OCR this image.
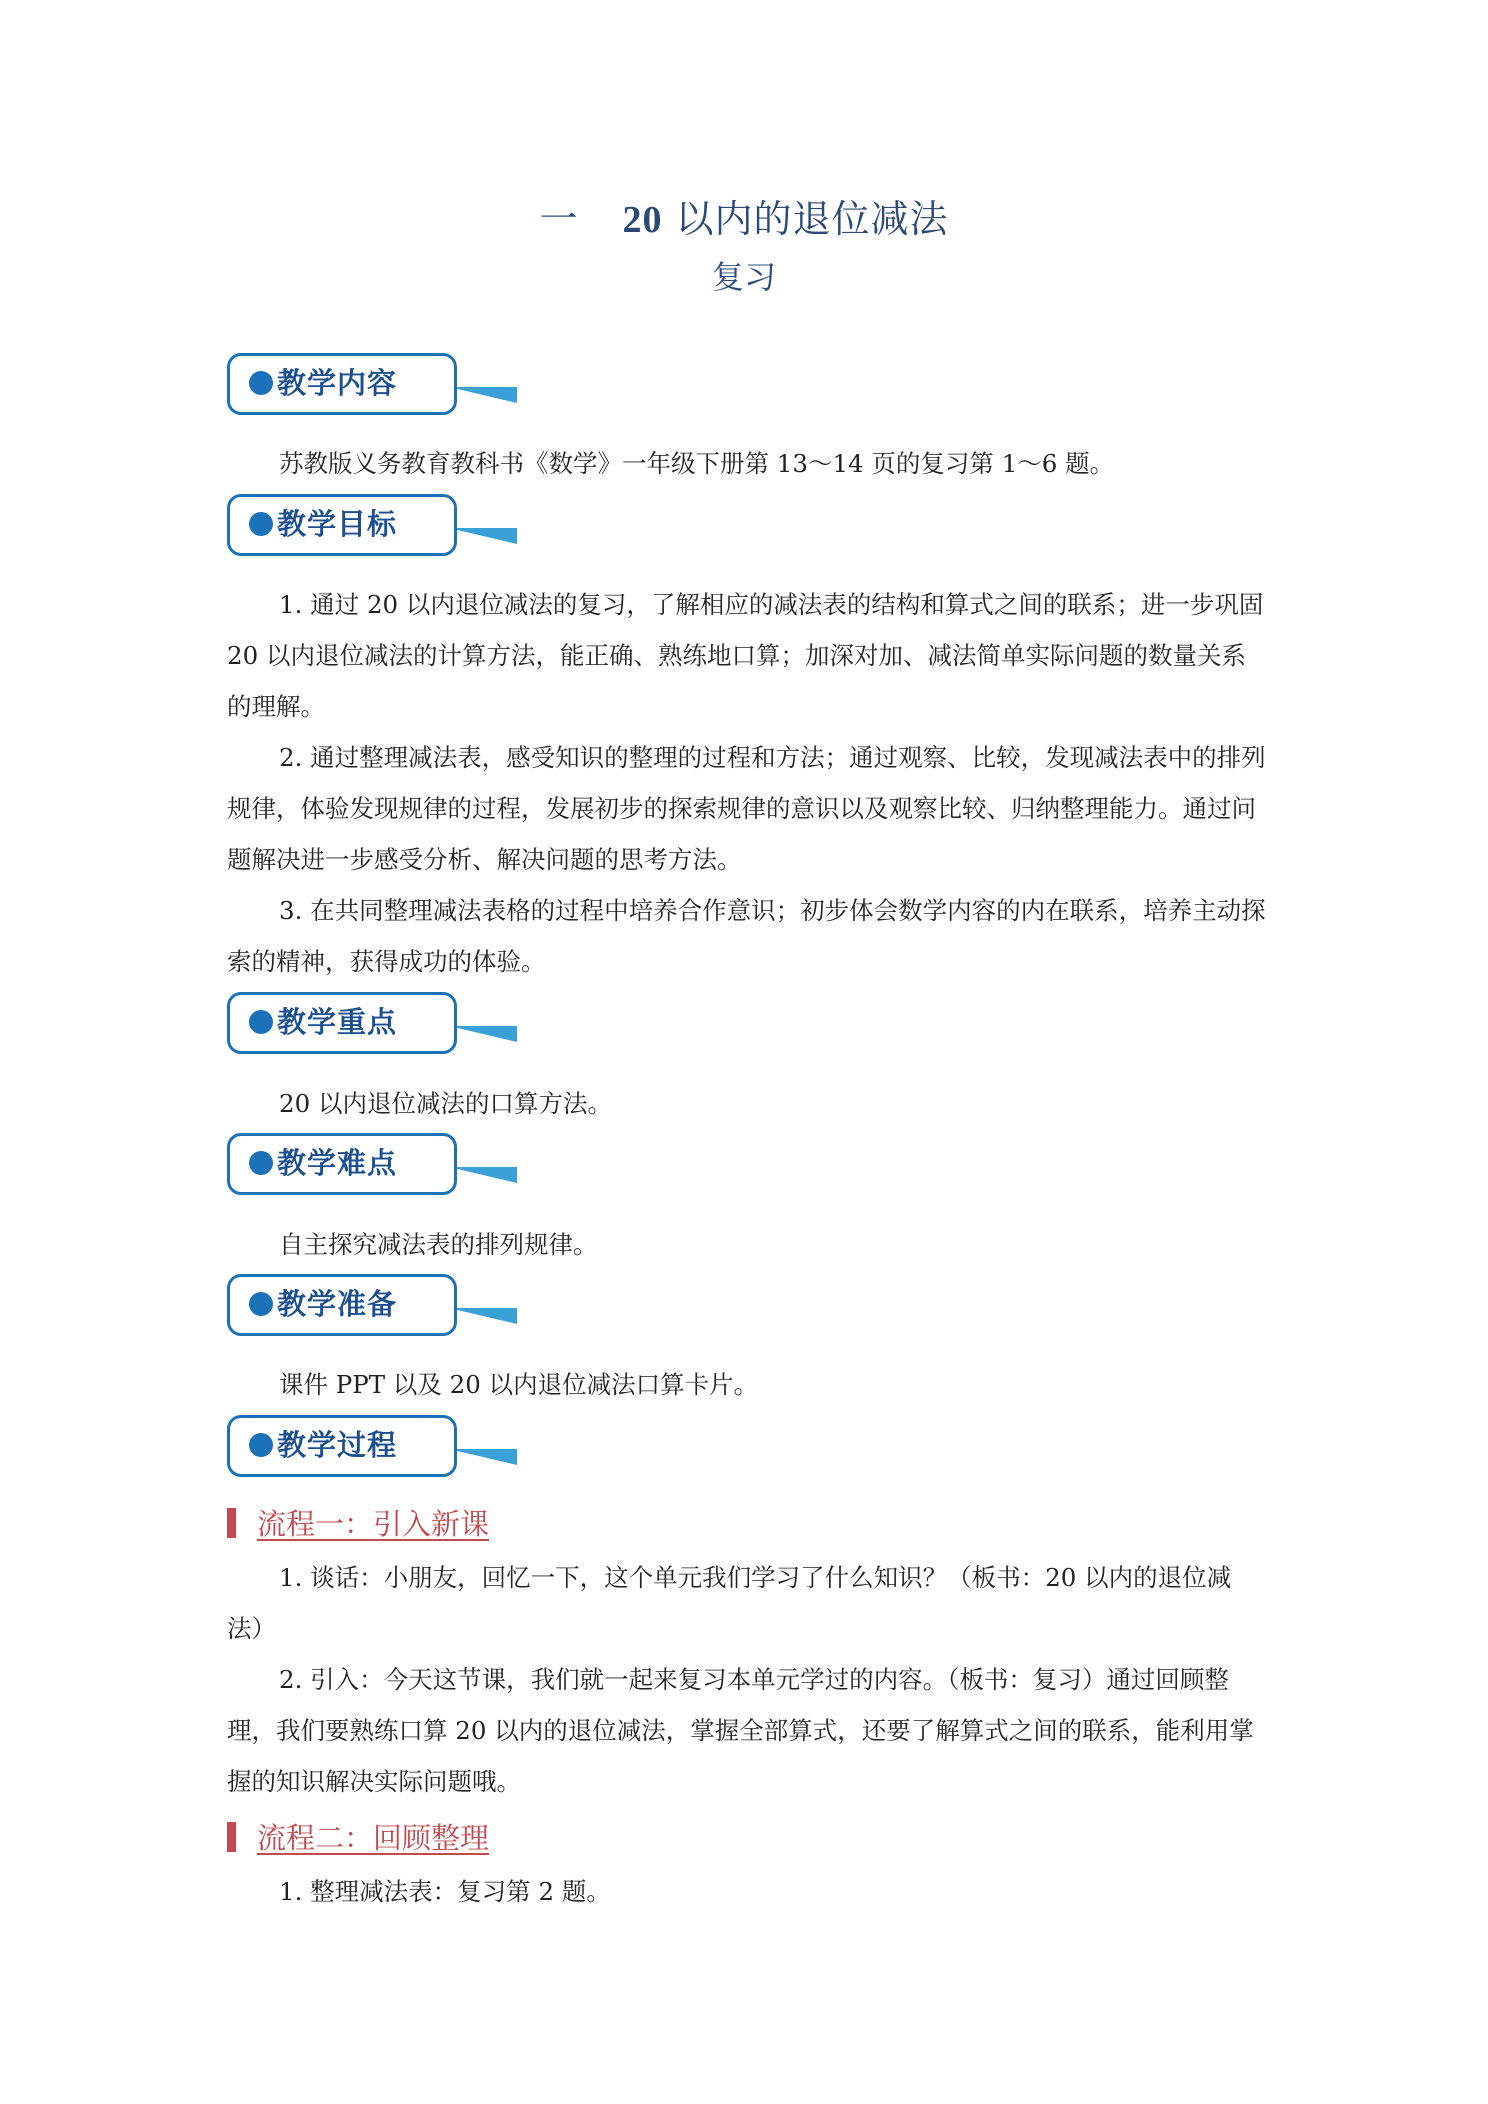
一 20 以内的退位减法
复习
教学内容
苏教版义务教育教科书《数学》一年级下册第 13～14 页的复习第 1～6 题。
教学目标
1. 通过 20 以内退位减法的复习，了解相应的减法表的结构和算式之间的联系；进一步巩固 20 以内退位减法的计算方法，能正确、熟练地口算；加深对加、减法简单实际问题的数量关系的理解。
2. 通过整理减法表，感受知识的整理的过程和方法；通过观察、比较，发现减法表中的排列规律，体验发现规律的过程，发展初步的探索规律的意识以及观察比较、归纳整理能力。通过问题解决进一步感受分析、解决问题的思考方法。
3. 在共同整理减法表格的过程中培养合作意识；初步体会数学内容的内在联系，培养主动探索的精神，获得成功的体验。
教学重点
20 以内退位减法的口算方法。
教学难点
自主探究减法表的排列规律。
教学准备
课件 PPT 以及 20 以内退位减法口算卡片。
教学过程
流程一：引入新课
1. 谈话：小朋友，回忆一下，这个单元我们学习了什么知识？（板书：20 以内的退位减法）
2. 引入：今天这节课，我们就一起来复习本单元学过的内容。（板书：复习）通过回顾整理，我们要熟练口算 20 以内的退位减法，掌握全部算式，还要了解算式之间的联系，能利用掌握的知识解决实际问题哦。
流程二：回顾整理
1. 整理减法表：复习第 2 题。
